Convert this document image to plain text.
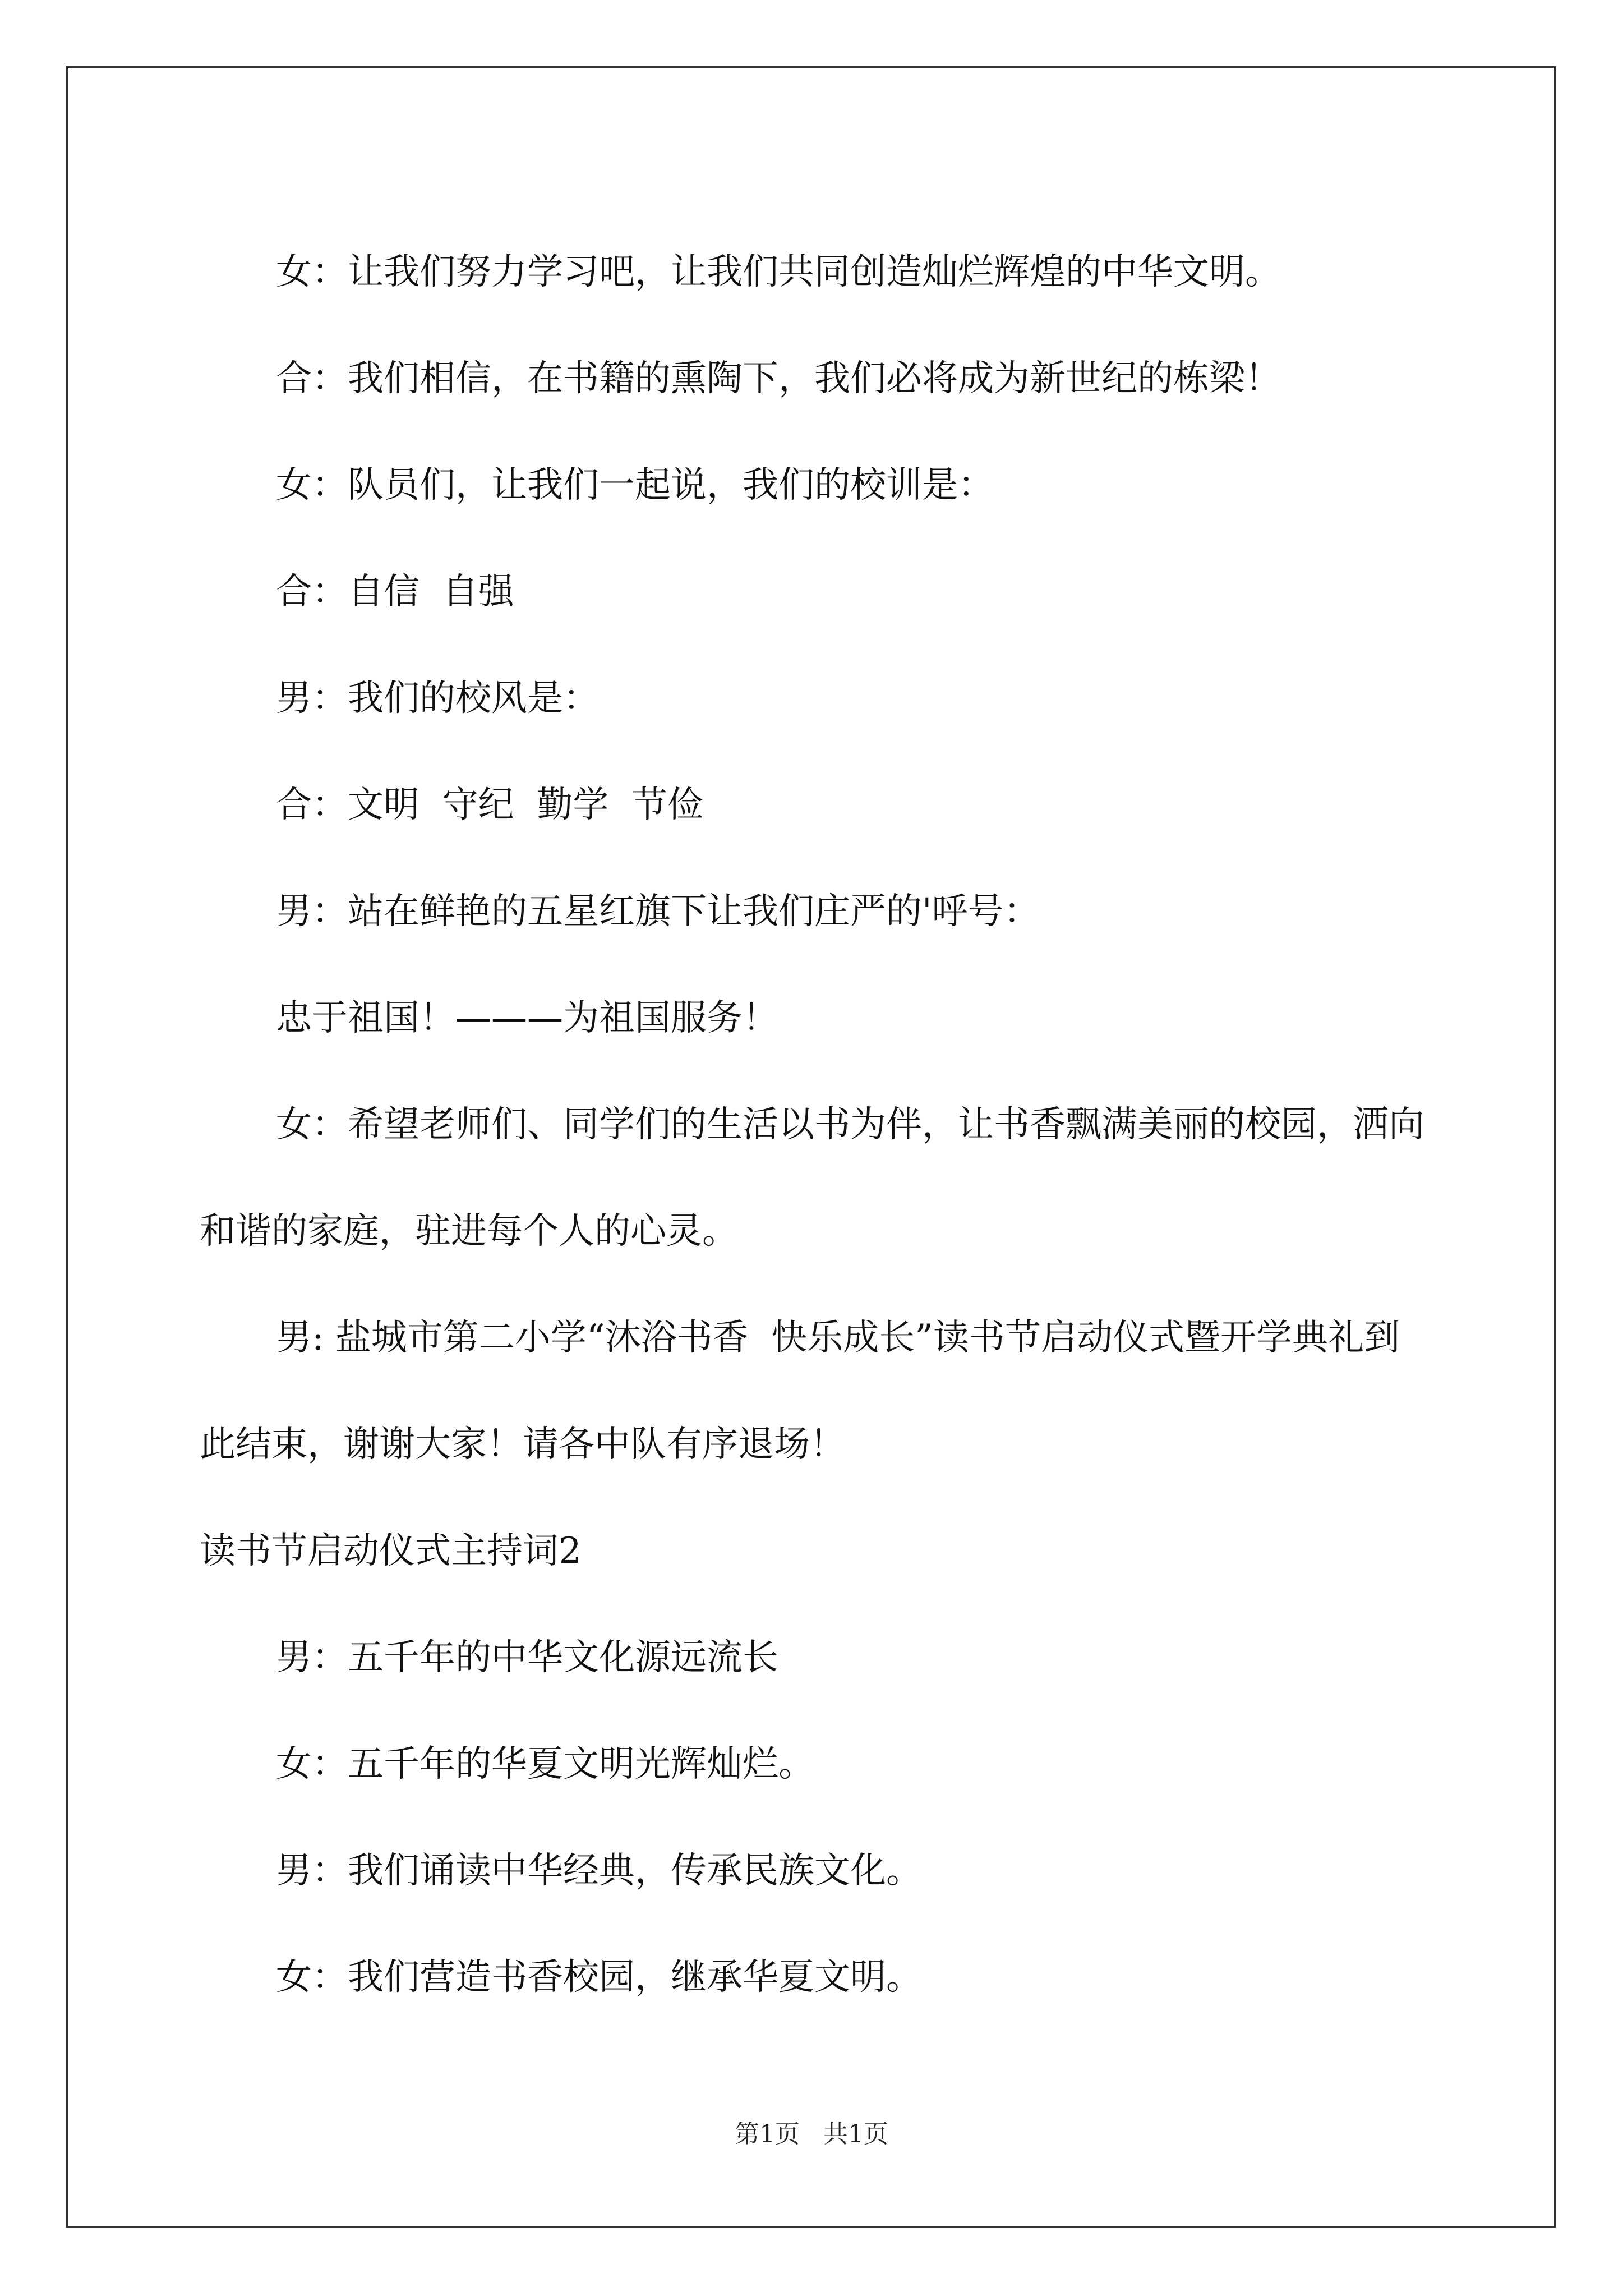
女：让我们努力学习吧，让我们共同创造灿烂辉煌的中华文明。

合：我们相信，在书籍的熏陶下，我们必将成为新世纪的栋梁！

女：队员们，让我们一起说，我们的校训是：

合：自信  自强

男：我们的校风是：

合：文明  守纪  勤学  节俭

男：站在鲜艳的五星红旗下让我们庄严的'呼号：

忠于祖国！———为祖国服务！

女：希望老师们、同学们的生活以书为伴，让书香飘满美丽的校园，洒向和谐的家庭，驻进每个人的心灵。

男: 盐城市第二小学“沐浴书香  快乐成长”读书节启动仪式暨开学典礼到此结束，谢谢大家！请各中队有序退场！

读书节启动仪式主持词2

男：五千年的中华文化源远流长

女：五千年的华夏文明光辉灿烂。

男：我们诵读中华经典，传承民族文化。

女：我们营造书香校园，继承华夏文明。

第1页   共1页
